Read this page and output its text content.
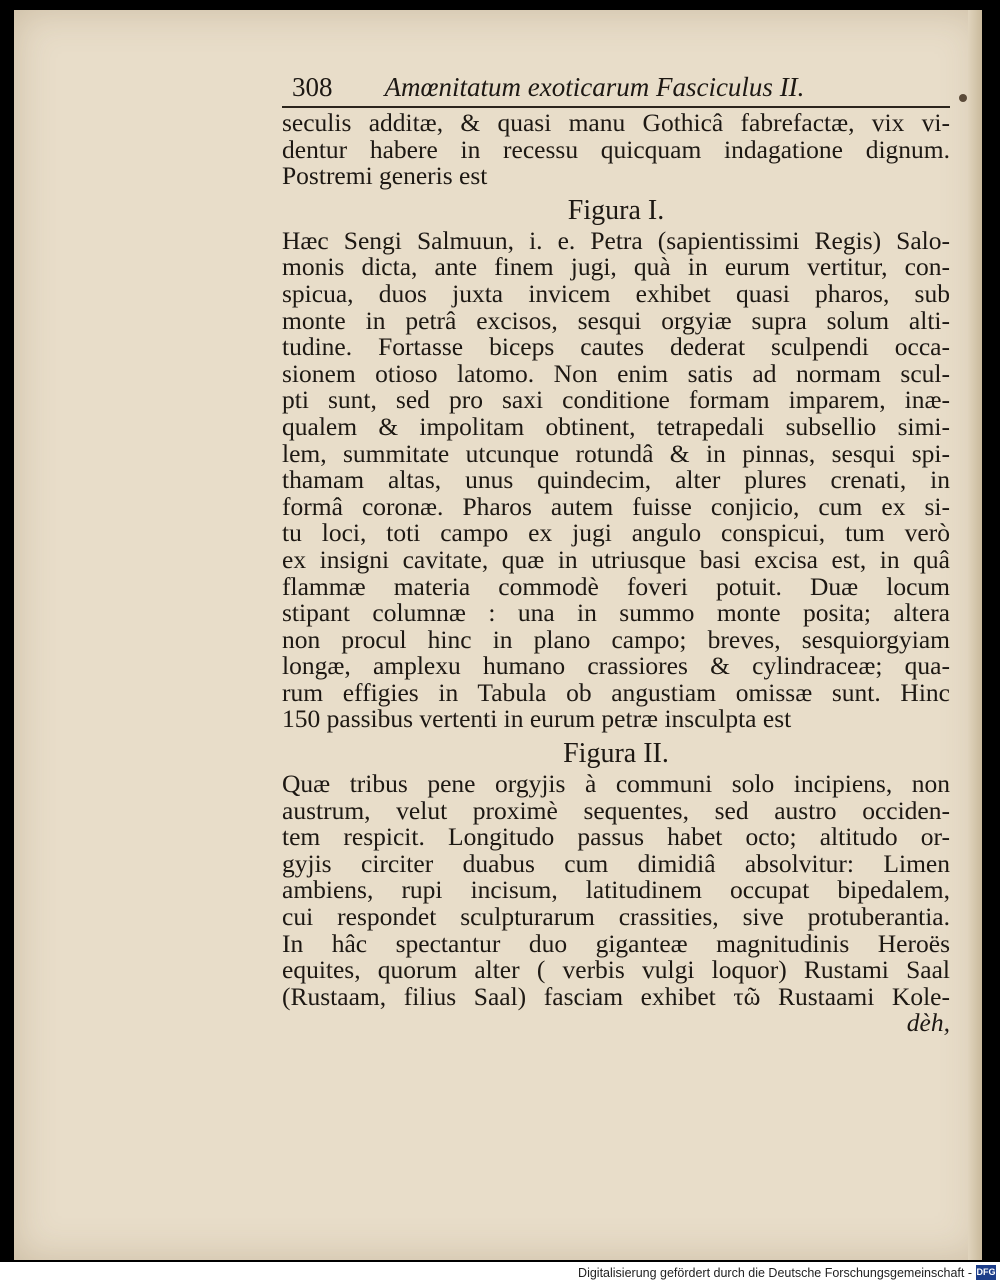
308 Amœnitatum exoticarum Fasciculus II.
seculis additæ, & quasi manu Gothicâ fabrefactæ, vix vi-
dentur habere in recessu quicquam indagatione dignum.
Postremi generis est
Figura I.
Hæc Sengi Salmuun, i. e. Petra (sapientissimi Regis) Salo-
monis dicta, ante finem jugi, quà in eurum vertitur, con-
spicua, duos juxta invicem exhibet quasi pharos, sub
monte in petrâ excisos, sesqui orgyiæ supra solum alti-
tudine. Fortasse biceps cautes dederat sculpendi occa-
sionem otioso latomo. Non enim satis ad normam scul-
pti sunt, sed pro saxi conditione formam imparem, inæ-
qualem & impolitam obtinent, tetrapedali subsellio simi-
lem, summitate utcunque rotundâ & in pinnas, sesqui spi-
thamam altas, unus quindecim, alter plures crenati, in
formâ coronæ. Pharos autem fuisse conjicio, cum ex si-
tu loci, toti campo ex jugi angulo conspicui, tum verò
ex insigni cavitate, quæ in utriusque basi excisa est, in quâ
flammæ materia commodè foveri potuit. Duæ locum
stipant columnæ : una in summo monte posita; altera
non procul hinc in plano campo; breves, sesquiorgyiam
longæ, amplexu humano crassiores & cylindraceæ; qua-
rum effigies in Tabula ob angustiam omissæ sunt. Hinc
150 passibus vertenti in eurum petræ insculpta est
Figura II.
Quæ tribus pene orgyjis à communi solo incipiens, non
austrum, velut proximè sequentes, sed austro occiden-
tem respicit. Longitudo passus habet octo; altitudo or-
gyjis circiter duabus cum dimidiâ absolvitur: Limen
ambiens, rupi incisum, latitudinem occupat bipedalem,
cui respondet sculpturarum crassities, sive protuberantia.
In hâc spectantur duo giganteæ magnitudinis Heroës
equites, quorum alter ( verbis vulgi loquor) Rustami Saal
(Rustaam, filius Saal) fasciam exhibet τῶ Rustaami Kole-
dèh,
Digitalisierung gefördert durch die Deutsche Forschungsgemeinschaft - DFG
